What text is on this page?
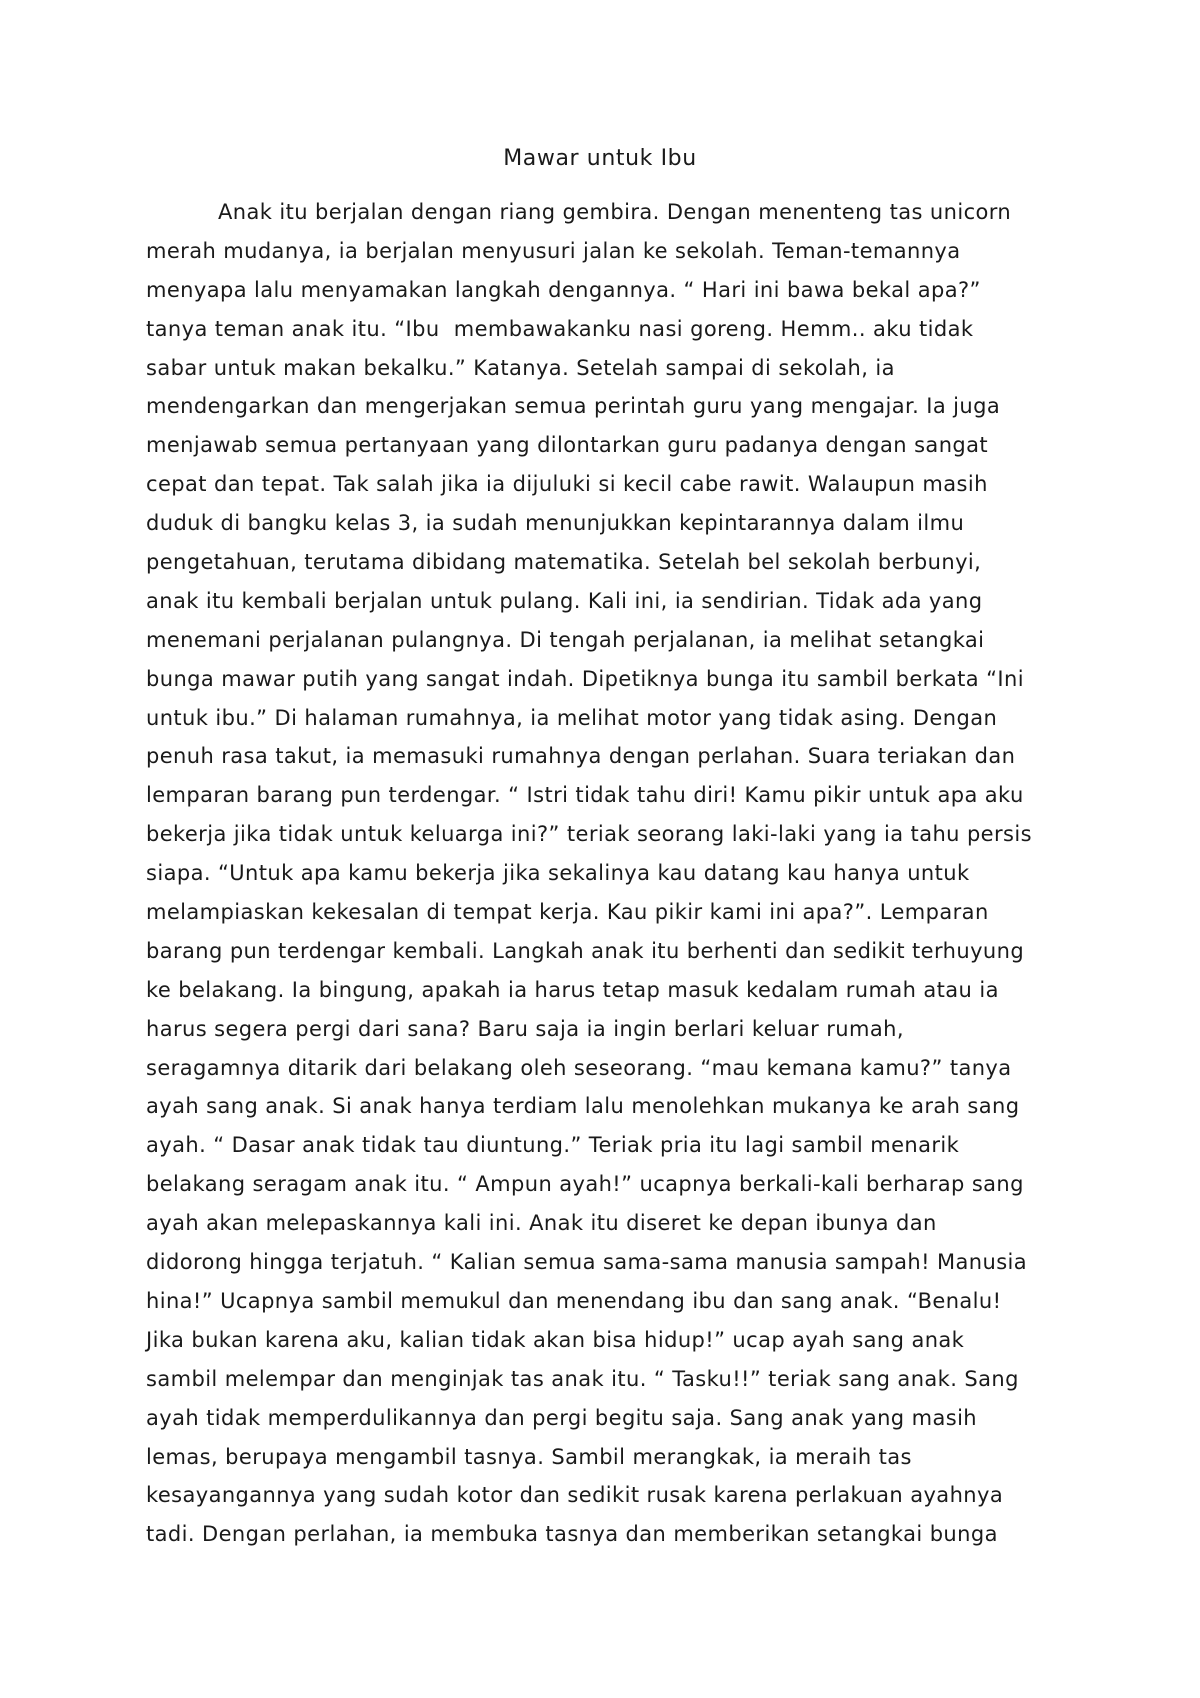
Mawar untuk Ibu
Anak itu berjalan dengan riang gembira. Dengan menenteng tas unicorn
merah mudanya, ia berjalan menyusuri jalan ke sekolah. Teman-temannya
menyapa lalu menyamakan langkah dengannya. “ Hari ini bawa bekal apa?”
tanya teman anak itu. “Ibu  membawakanku nasi goreng. Hemm.. aku tidak
sabar untuk makan bekalku.” Katanya. Setelah sampai di sekolah, ia
mendengarkan dan mengerjakan semua perintah guru yang mengajar. Ia juga
menjawab semua pertanyaan yang dilontarkan guru padanya dengan sangat
cepat dan tepat. Tak salah jika ia dijuluki si kecil cabe rawit. Walaupun masih
duduk di bangku kelas 3, ia sudah menunjukkan kepintarannya dalam ilmu
pengetahuan, terutama dibidang matematika. Setelah bel sekolah berbunyi,
anak itu kembali berjalan untuk pulang. Kali ini, ia sendirian. Tidak ada yang
menemani perjalanan pulangnya. Di tengah perjalanan, ia melihat setangkai
bunga mawar putih yang sangat indah. Dipetiknya bunga itu sambil berkata “Ini
untuk ibu.” Di halaman rumahnya, ia melihat motor yang tidak asing. Dengan
penuh rasa takut, ia memasuki rumahnya dengan perlahan. Suara teriakan dan
lemparan barang pun terdengar. “ Istri tidak tahu diri! Kamu pikir untuk apa aku
bekerja jika tidak untuk keluarga ini?” teriak seorang laki-laki yang ia tahu persis
siapa. “Untuk apa kamu bekerja jika sekalinya kau datang kau hanya untuk
melampiaskan kekesalan di tempat kerja. Kau pikir kami ini apa?”. Lemparan
barang pun terdengar kembali. Langkah anak itu berhenti dan sedikit terhuyung
ke belakang. Ia bingung, apakah ia harus tetap masuk kedalam rumah atau ia
harus segera pergi dari sana? Baru saja ia ingin berlari keluar rumah,
seragamnya ditarik dari belakang oleh seseorang. “mau kemana kamu?” tanya
ayah sang anak. Si anak hanya terdiam lalu menolehkan mukanya ke arah sang
ayah. “ Dasar anak tidak tau diuntung.” Teriak pria itu lagi sambil menarik
belakang seragam anak itu. “ Ampun ayah!” ucapnya berkali-kali berharap sang
ayah akan melepaskannya kali ini. Anak itu diseret ke depan ibunya dan
didorong hingga terjatuh. “ Kalian semua sama-sama manusia sampah! Manusia
hina!” Ucapnya sambil memukul dan menendang ibu dan sang anak. “Benalu!
Jika bukan karena aku, kalian tidak akan bisa hidup!” ucap ayah sang anak
sambil melempar dan menginjak tas anak itu. “ Tasku!!” teriak sang anak. Sang
ayah tidak memperdulikannya dan pergi begitu saja. Sang anak yang masih
lemas, berupaya mengambil tasnya. Sambil merangkak, ia meraih tas
kesayangannya yang sudah kotor dan sedikit rusak karena perlakuan ayahnya
tadi. Dengan perlahan, ia membuka tasnya dan memberikan setangkai bunga
